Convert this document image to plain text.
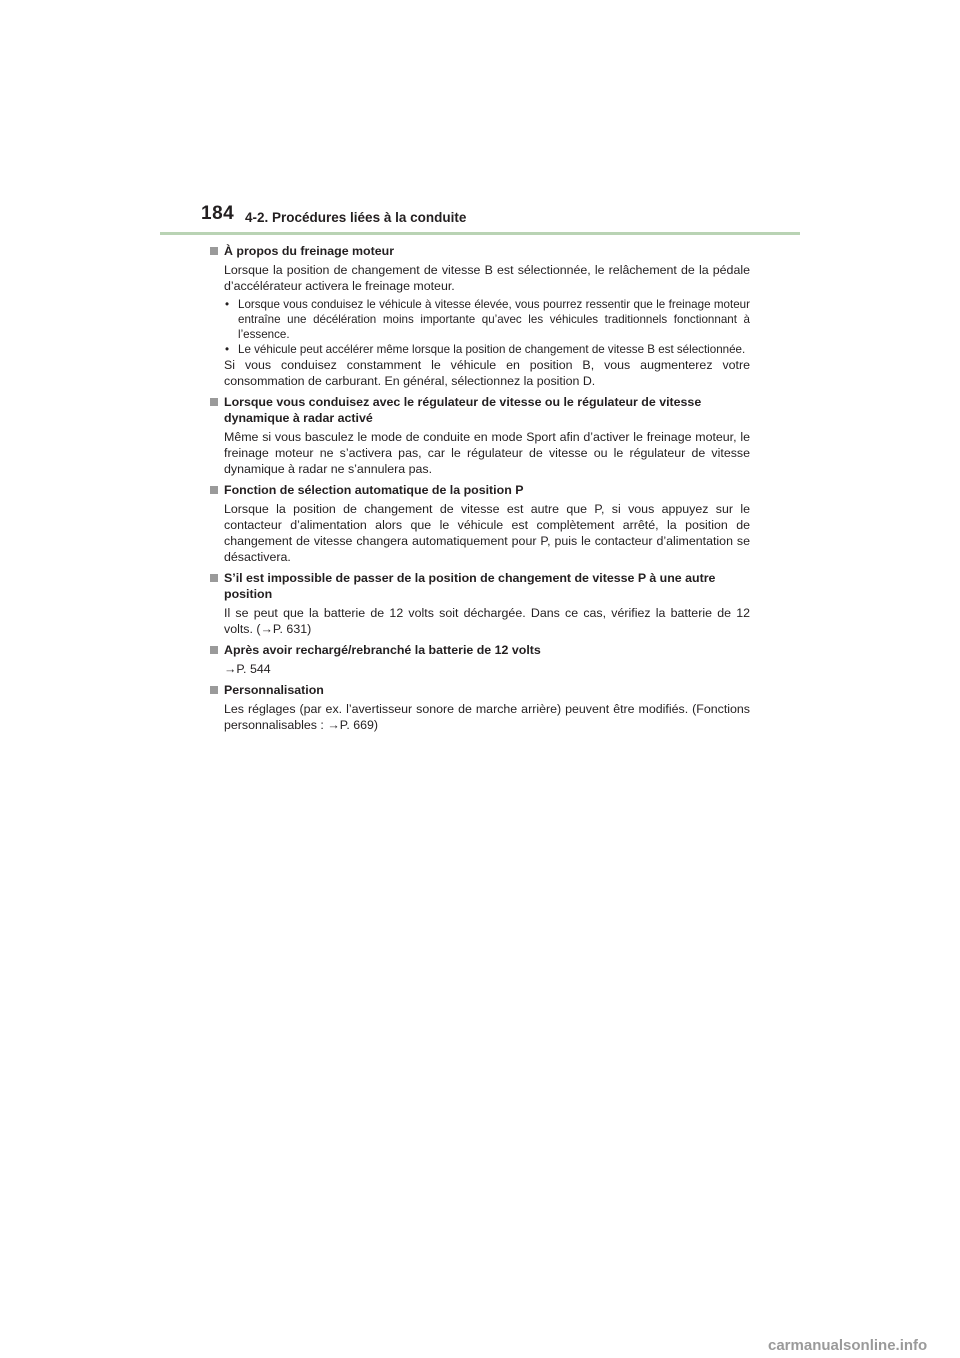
184 4-2. Procédures liées à la conduite
À propos du freinage moteur
Lorsque la position de changement de vitesse B est sélectionnée, le relâchement de la pédale d’accélérateur activera le freinage moteur.
• Lorsque vous conduisez le véhicule à vitesse élevée, vous pourrez ressentir que le freinage moteur entraîne une décélération moins importante qu’avec les véhicules traditionnels fonctionnant à l’essence.
• Le véhicule peut accélérer même lorsque la position de changement de vitesse B est sélectionnée.
Si vous conduisez constamment le véhicule en position B, vous augmenterez votre consommation de carburant. En général, sélectionnez la position D.
Lorsque vous conduisez avec le régulateur de vitesse ou le régulateur de vitesse dynamique à radar activé
Même si vous basculez le mode de conduite en mode Sport afin d’activer le freinage moteur, le freinage moteur ne s’activera pas, car le régulateur de vitesse ou le régulateur de vitesse dynamique à radar ne s’annulera pas.
Fonction de sélection automatique de la position P
Lorsque la position de changement de vitesse est autre que P, si vous appuyez sur le contacteur d’alimentation alors que le véhicule est complètement arrêté, la position de changement de vitesse changera automatiquement pour P, puis le contacteur d’alimentation se désactivera.
S’il est impossible de passer de la position de changement de vitesse P à une autre position
Il se peut que la batterie de 12 volts soit déchargée. Dans ce cas, vérifiez la batterie de 12 volts. (→P. 631)
Après avoir rechargé/rebranché la batterie de 12 volts
→P. 544
Personnalisation
Les réglages (par ex. l’avertisseur sonore de marche arrière) peuvent être modifiés. (Fonctions personnalisables : →P. 669)
carmanualsonline.info
